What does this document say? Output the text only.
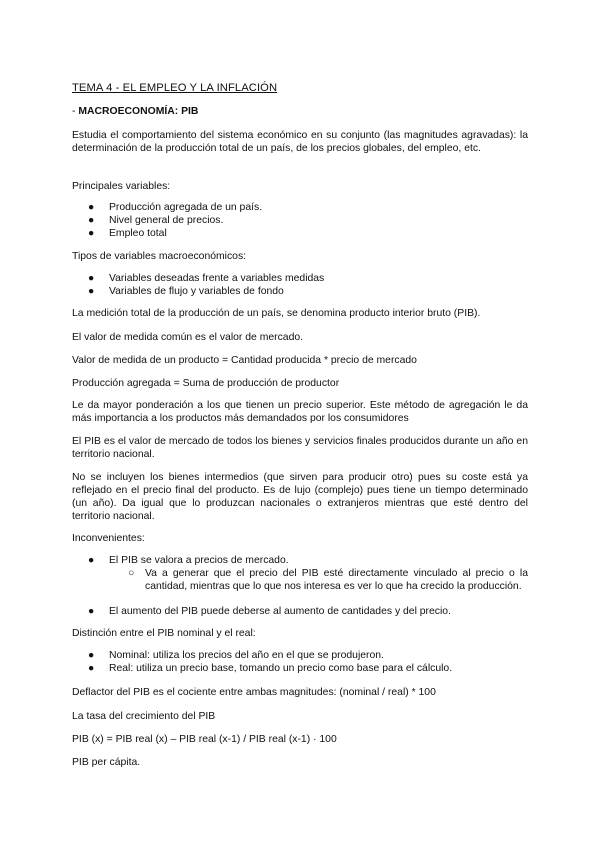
TEMA 4 - EL EMPLEO Y LA INFLACIÓN
- MACROECONOMÍA: PIB
Estudia el comportamiento del sistema económico en su conjunto (las magnitudes agravadas): la determinación de la producción total de un país, de los precios globales, del empleo, etc.
Principales variables:
● Producción agregada de un país.
● Nivel general de precios.
● Empleo total
Tipos de variables macroeconómicos:
● Variables deseadas frente a variables medidas
● Variables de flujo y variables de fondo
La medición total de la producción de un país, se denomina producto interior bruto (PIB).
El valor de medida común es el valor de mercado.
Valor de medida de un producto = Cantidad producida * precio de mercado
Producción agregada = Suma de producción de productor
Le da mayor ponderación a los que tienen un precio superior. Este método de agregación le da más importancia a los productos más demandados por los consumidores
El PIB es el valor de mercado de todos los bienes y servicios finales producidos durante un año en territorio nacional.
No se incluyen los bienes intermedios (que sirven para producir otro) pues su coste está ya reflejado en el precio final del producto. Es de lujo (complejo) pues tiene un tiempo determinado (un año). Da igual que lo produzcan nacionales o extranjeros mientras que esté dentro del territorio nacional.
Inconvenientes:
● El PIB se valora a precios de mercado.
○ Va a generar que el precio del PIB esté directamente vinculado al precio o la cantidad, mientras que lo que nos interesa es ver lo que ha crecido la producción.
● El aumento del PIB puede deberse al aumento de cantidades y del precio.
Distinción entre el PIB nominal y el real:
● Nominal: utiliza los precios del año en el que se produjeron.
● Real: utiliza un precio base, tomando un precio como base para el cálculo.
Deflactor del PIB es el cociente entre ambas magnitudes: (nominal / real) * 100
La tasa del crecimiento del PIB
PIB (x) = PIB real (x) – PIB real (x-1) / PIB real (x-1) · 100
PIB per cápita.
